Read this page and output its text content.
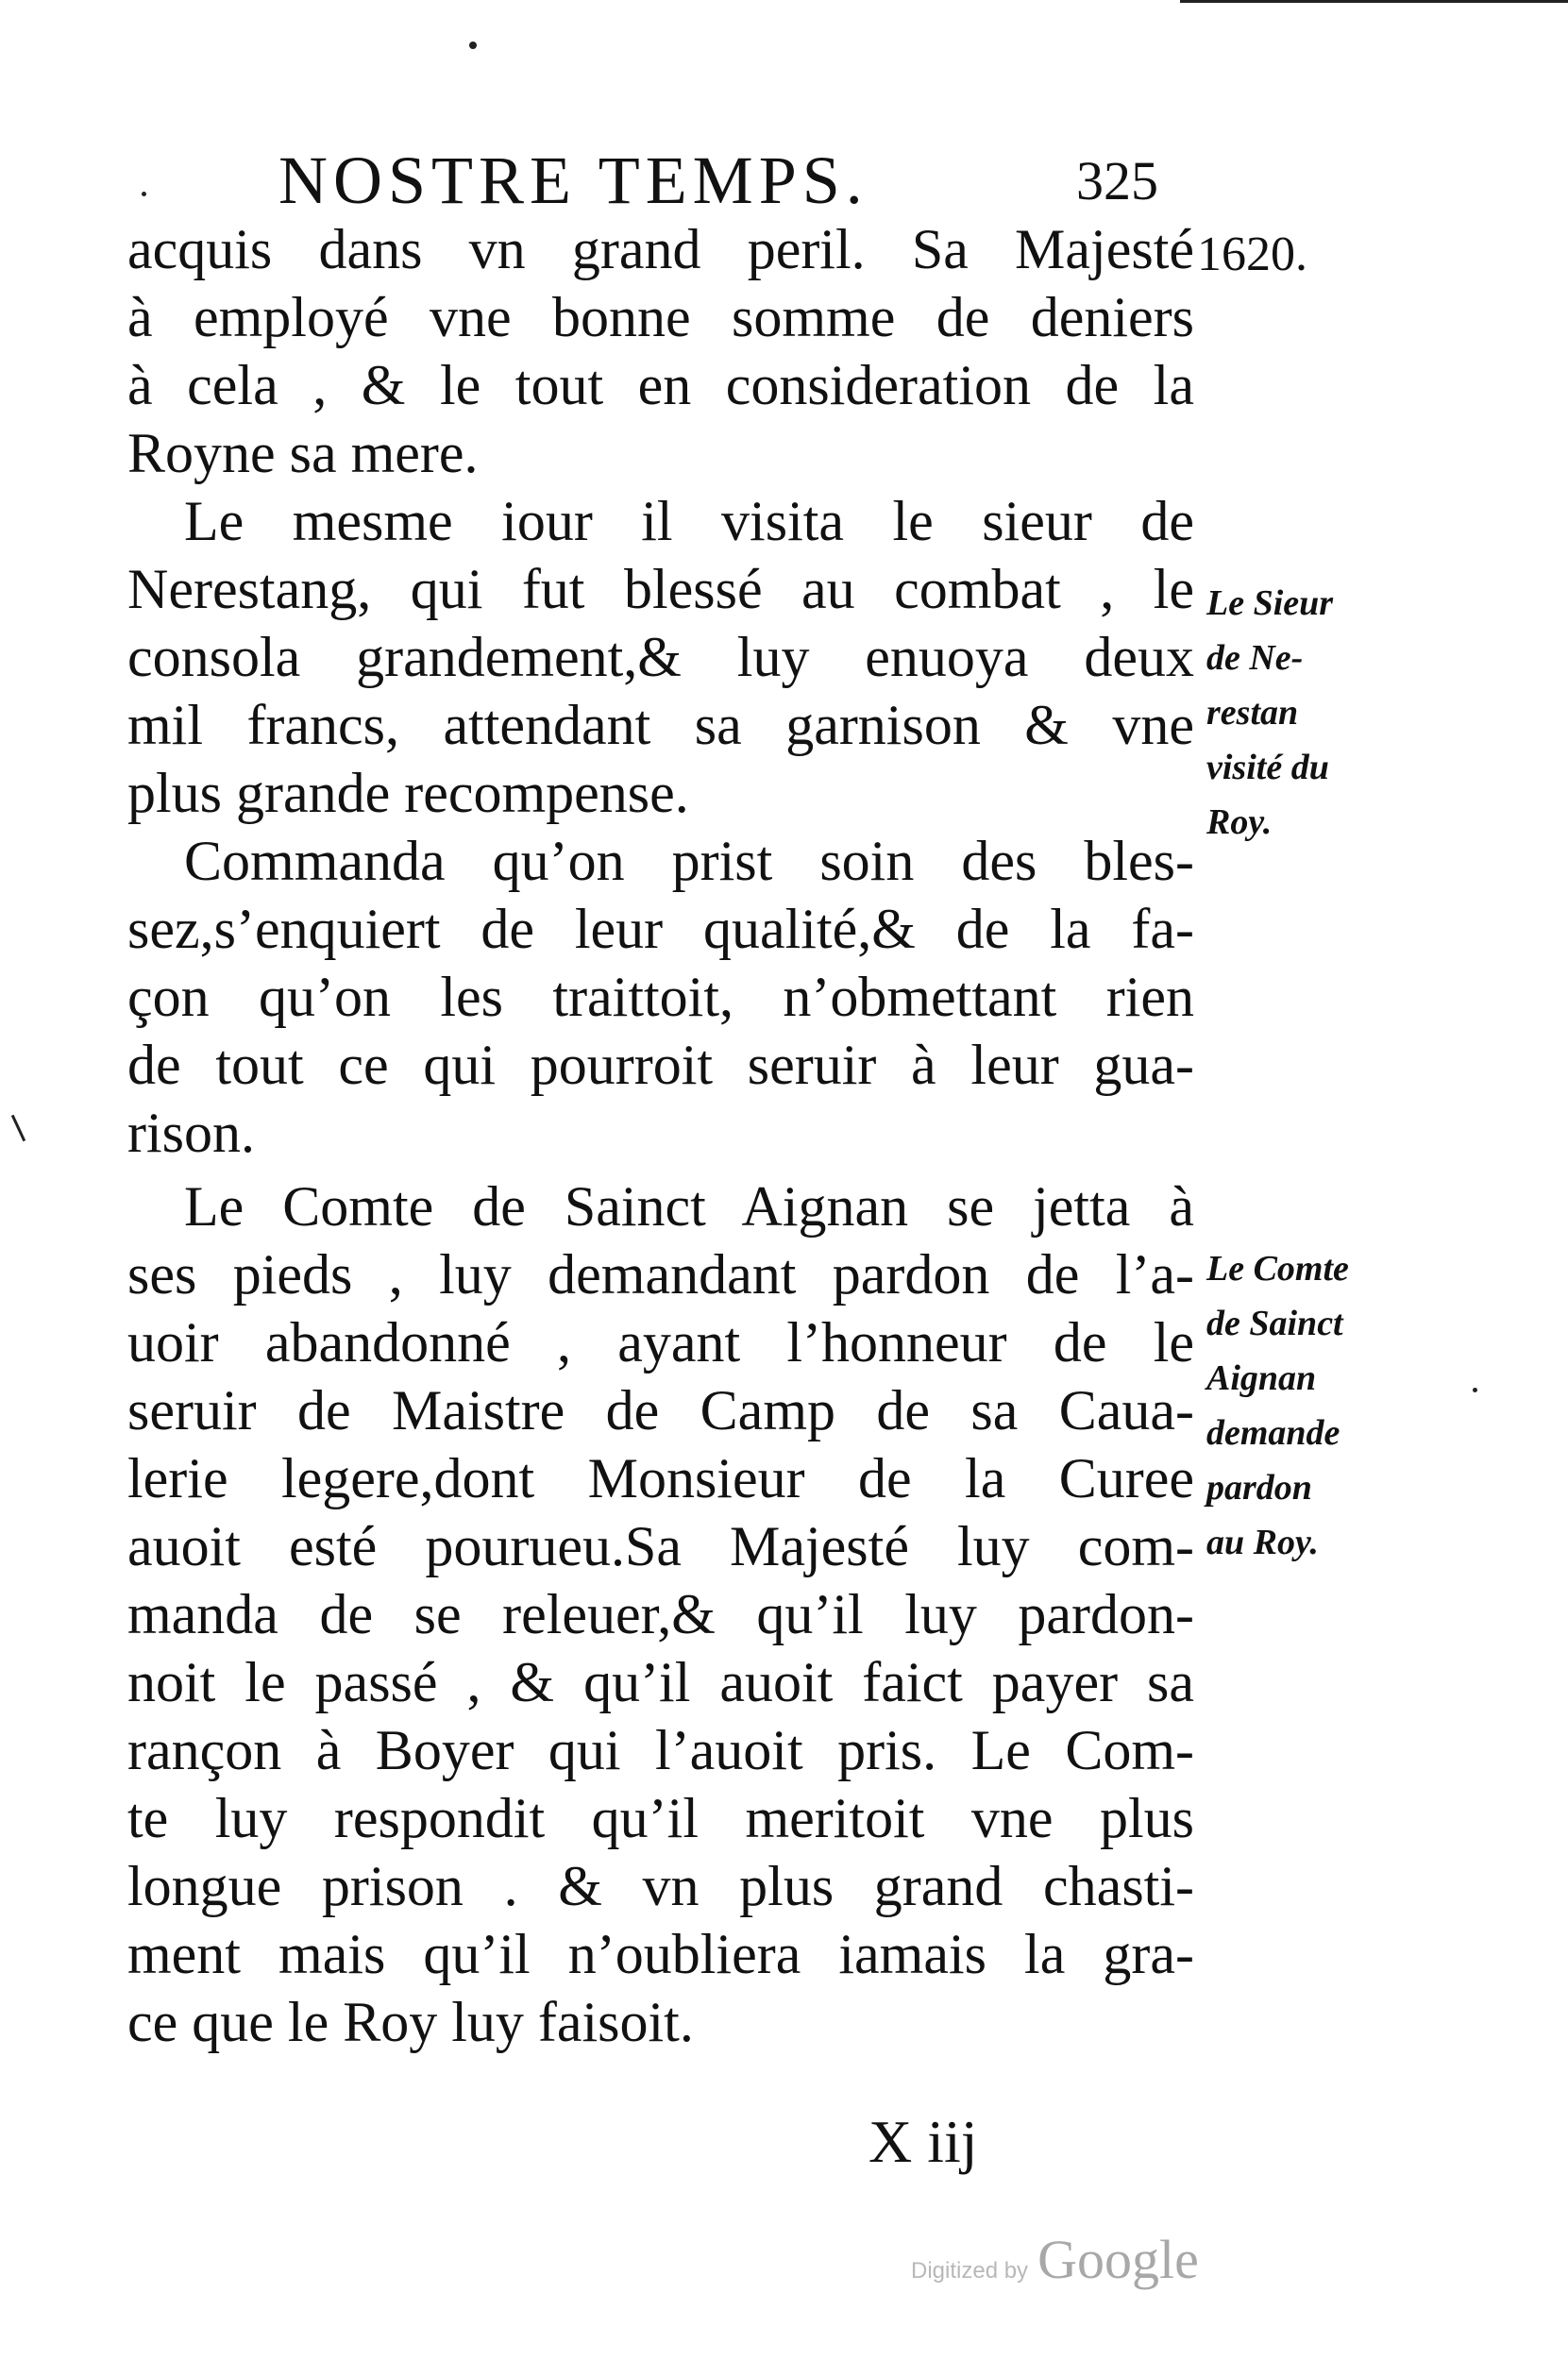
NOSTRE TEMPS.	325
1620.
acquis dans vn grand peril. Sa Majesté
à employé vne bonne somme de deniers
à cela , & le tout en consideration de la
Royne sa mere.
Le mesme iour il visita le sieur de
Nerestang, qui fut blessé au combat , le
consola grandement,& luy enuoya deux
mil francs, attendant sa garnison & vne
plus grande recompense.
Commanda qu’on prist soin des bles-
sez,s’enquiert de leur qualité,& de la fa-
çon qu’on les traittoit, n’obmettant rien
de tout ce qui pourroit seruir à leur gua-
rison.
Le Comte de Sainct Aignan se jetta à
ses pieds , luy demandant pardon de l’a-
uoir abandonné , ayant l’honneur de le
seruir de Maistre de Camp de sa Caua-
lerie legere,dont Monsieur de la Curee
auoit esté pourueu.Sa Majesté luy com-
manda de se releuer,& qu’il luy pardon-
noit le passé , & qu’il auoit faict payer sa
rançon à Boyer qui l’auoit pris. Le Com-
te luy respondit qu’il meritoit vne plus
longue prison . & vn plus grand chasti-
ment mais qu’il n’oubliera iamais la gra-
ce que le Roy luy faisoit.
Le Sieur
de Ne-
restan
visité du
Roy.
Le Comte
de Sainct
Aignan
demande
pardon
au Roy.
X iij
Digitized by Google
